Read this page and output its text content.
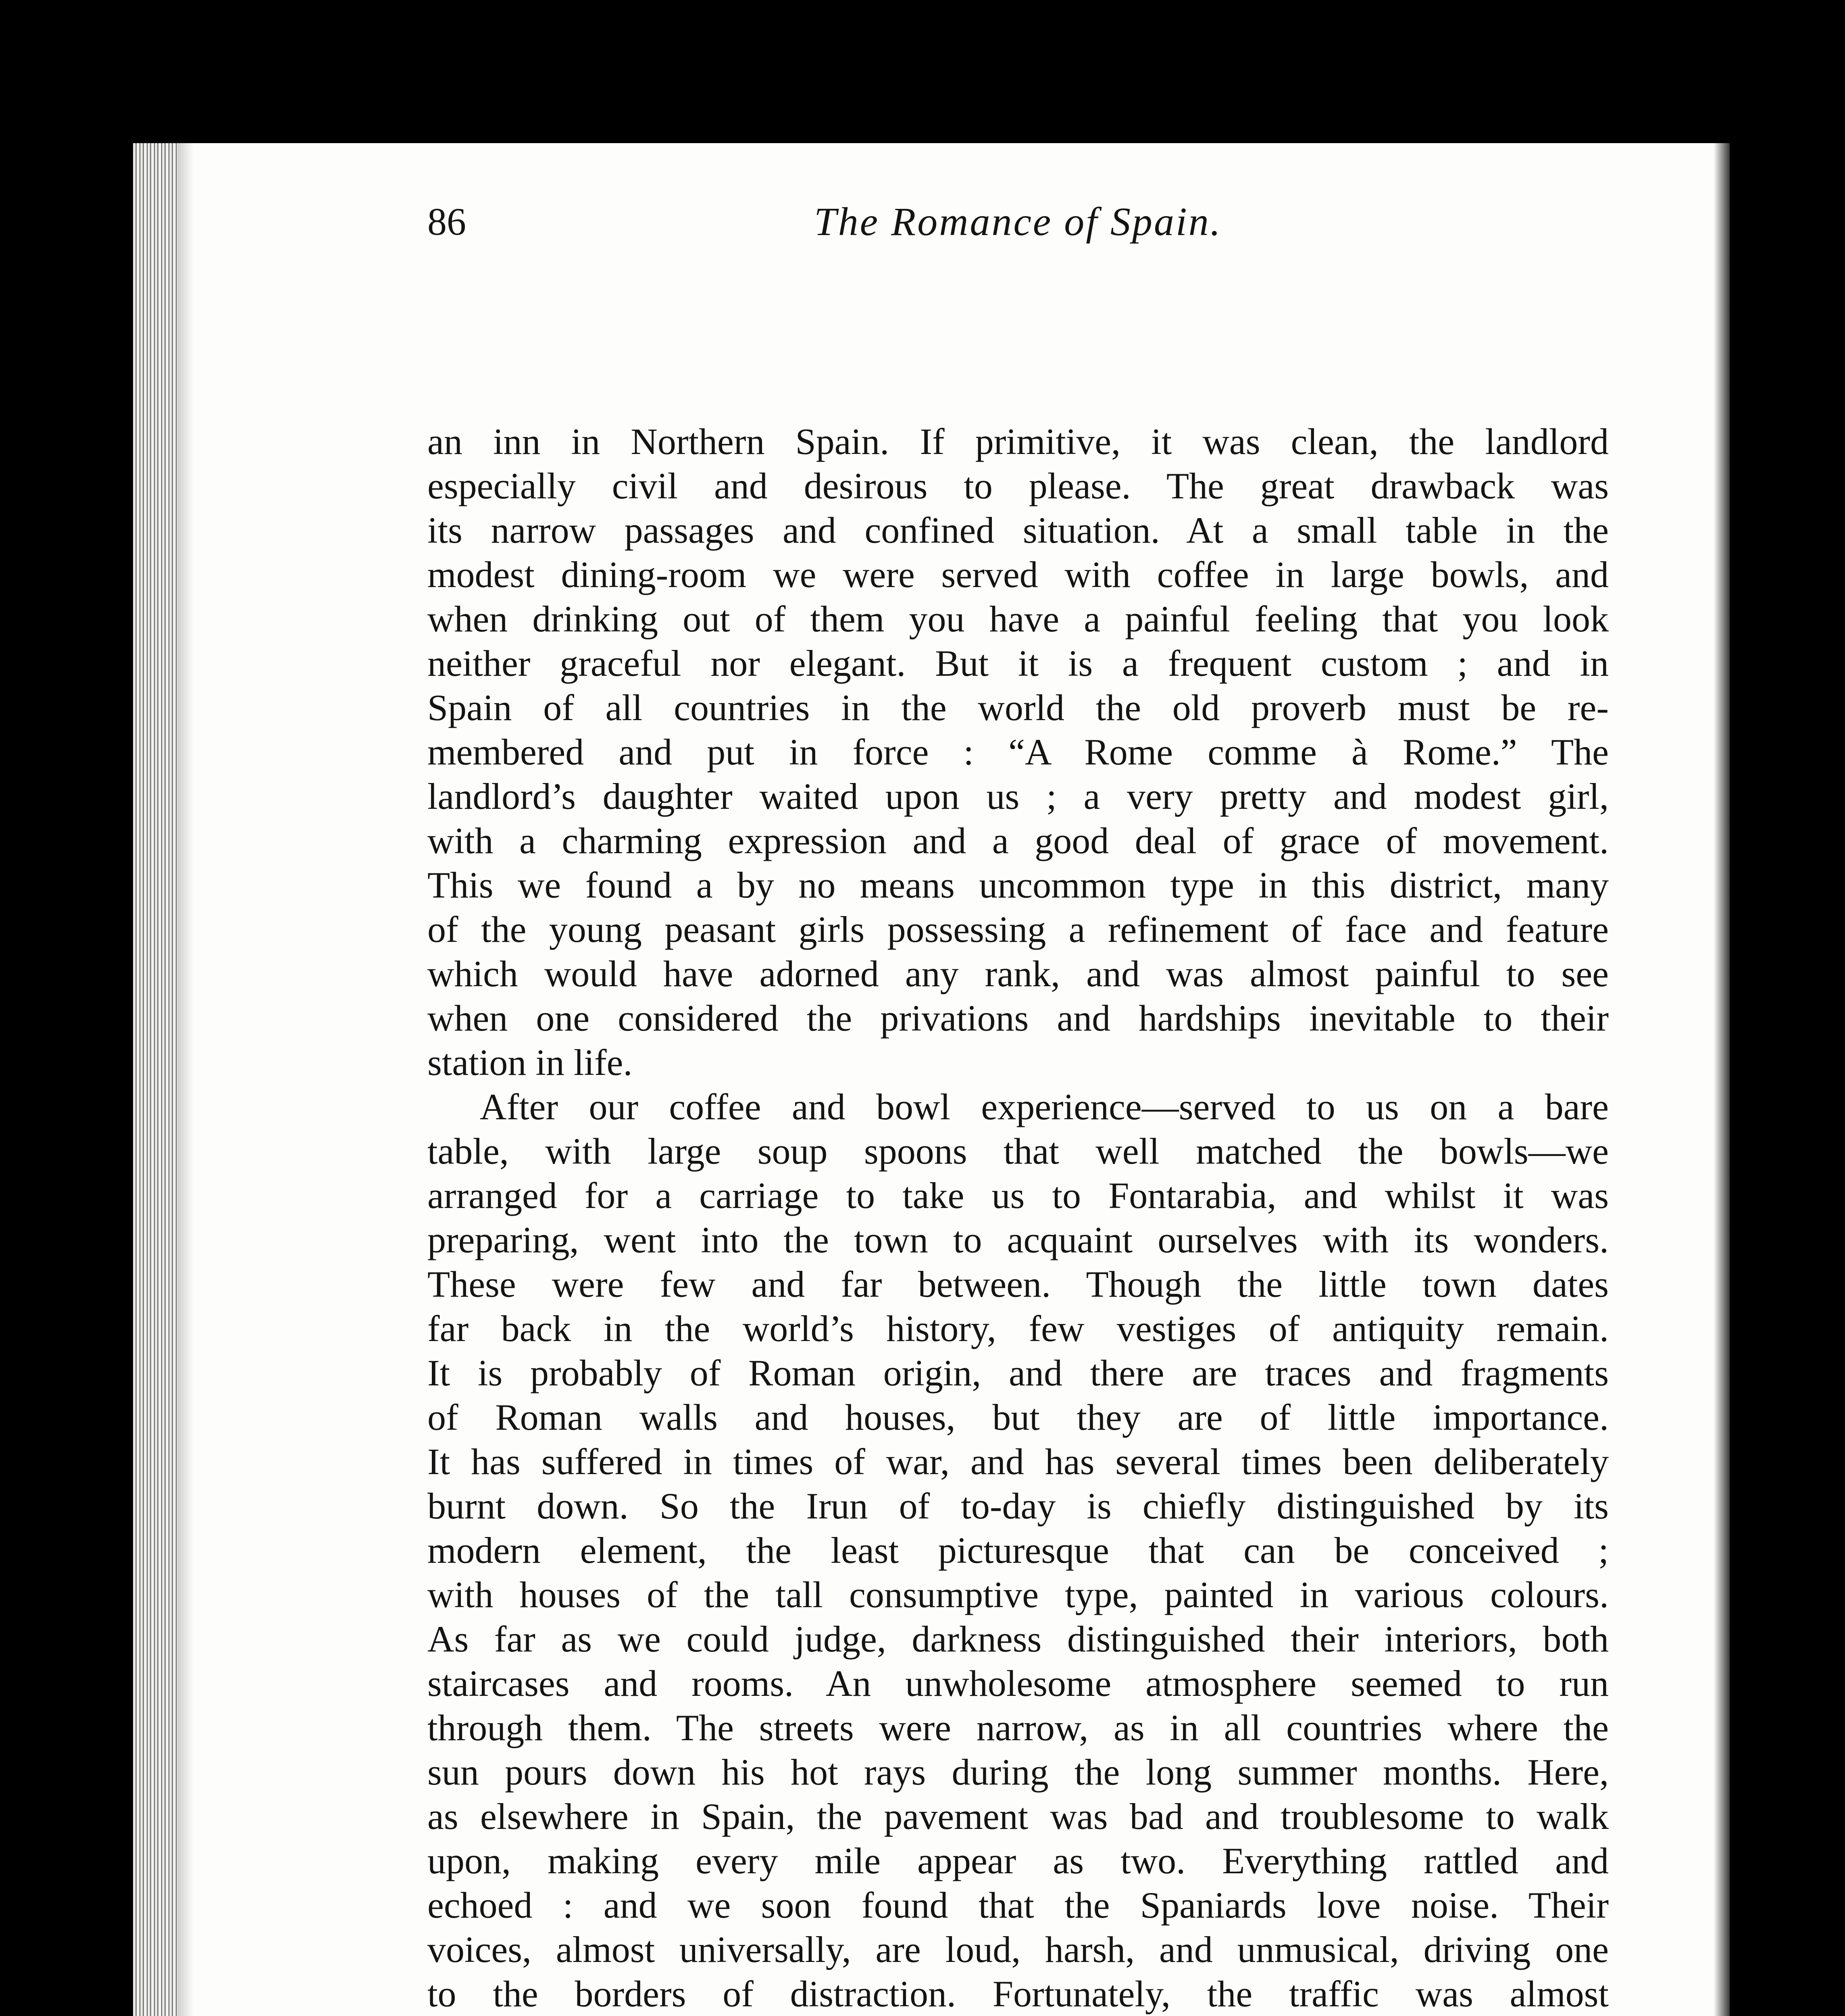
86	The Romance of Spain.

an inn in Northern Spain. If primitive, it was clean, the landlord
especially civil and desirous to please. The great drawback was
its narrow passages and confined situation. At a small table in the
modest dining-room we were served with coffee in large bowls, and
when drinking out of them you have a painful feeling that you look
neither graceful nor elegant. But it is a frequent custom ; and in
Spain of all countries in the world the old proverb must be re-
membered and put in force : “A Rome comme à Rome.” The
landlord’s daughter waited upon us ; a very pretty and modest girl,
with a charming expression and a good deal of grace of movement.
This we found a by no means uncommon type in this district, many
of the young peasant girls possessing a refinement of face and feature
which would have adorned any rank, and was almost painful to see
when one considered the privations and hardships inevitable to their
station in life.

After our coffee and bowl experience—served to us on a bare
table, with large soup spoons that well matched the bowls—we
arranged for a carriage to take us to Fontarabia, and whilst it was
preparing, went into the town to acquaint ourselves with its wonders.
These were few and far between. Though the little town dates
far back in the world’s history, few vestiges of antiquity remain.
It is probably of Roman origin, and there are traces and fragments
of Roman walls and houses, but they are of little importance.
It has suffered in times of war, and has several times been deliberately
burnt down. So the Irun of to-day is chiefly distinguished by its
modern element, the least picturesque that can be conceived ;
with houses of the tall consumptive type, painted in various colours.
As far as we could judge, darkness distinguished their interiors, both
staircases and rooms. An unwholesome atmosphere seemed to run
through them. The streets were narrow, as in all countries where the
sun pours down his hot rays during the long summer months. Here,
as elsewhere in Spain, the pavement was bad and troublesome to walk
upon, making every mile appear as two. Everything rattled and
echoed : and we soon found that the Spaniards love noise. Their
voices, almost universally, are loud, harsh, and unmusical, driving one
to the borders of distraction. Fortunately, the traffic was almost
